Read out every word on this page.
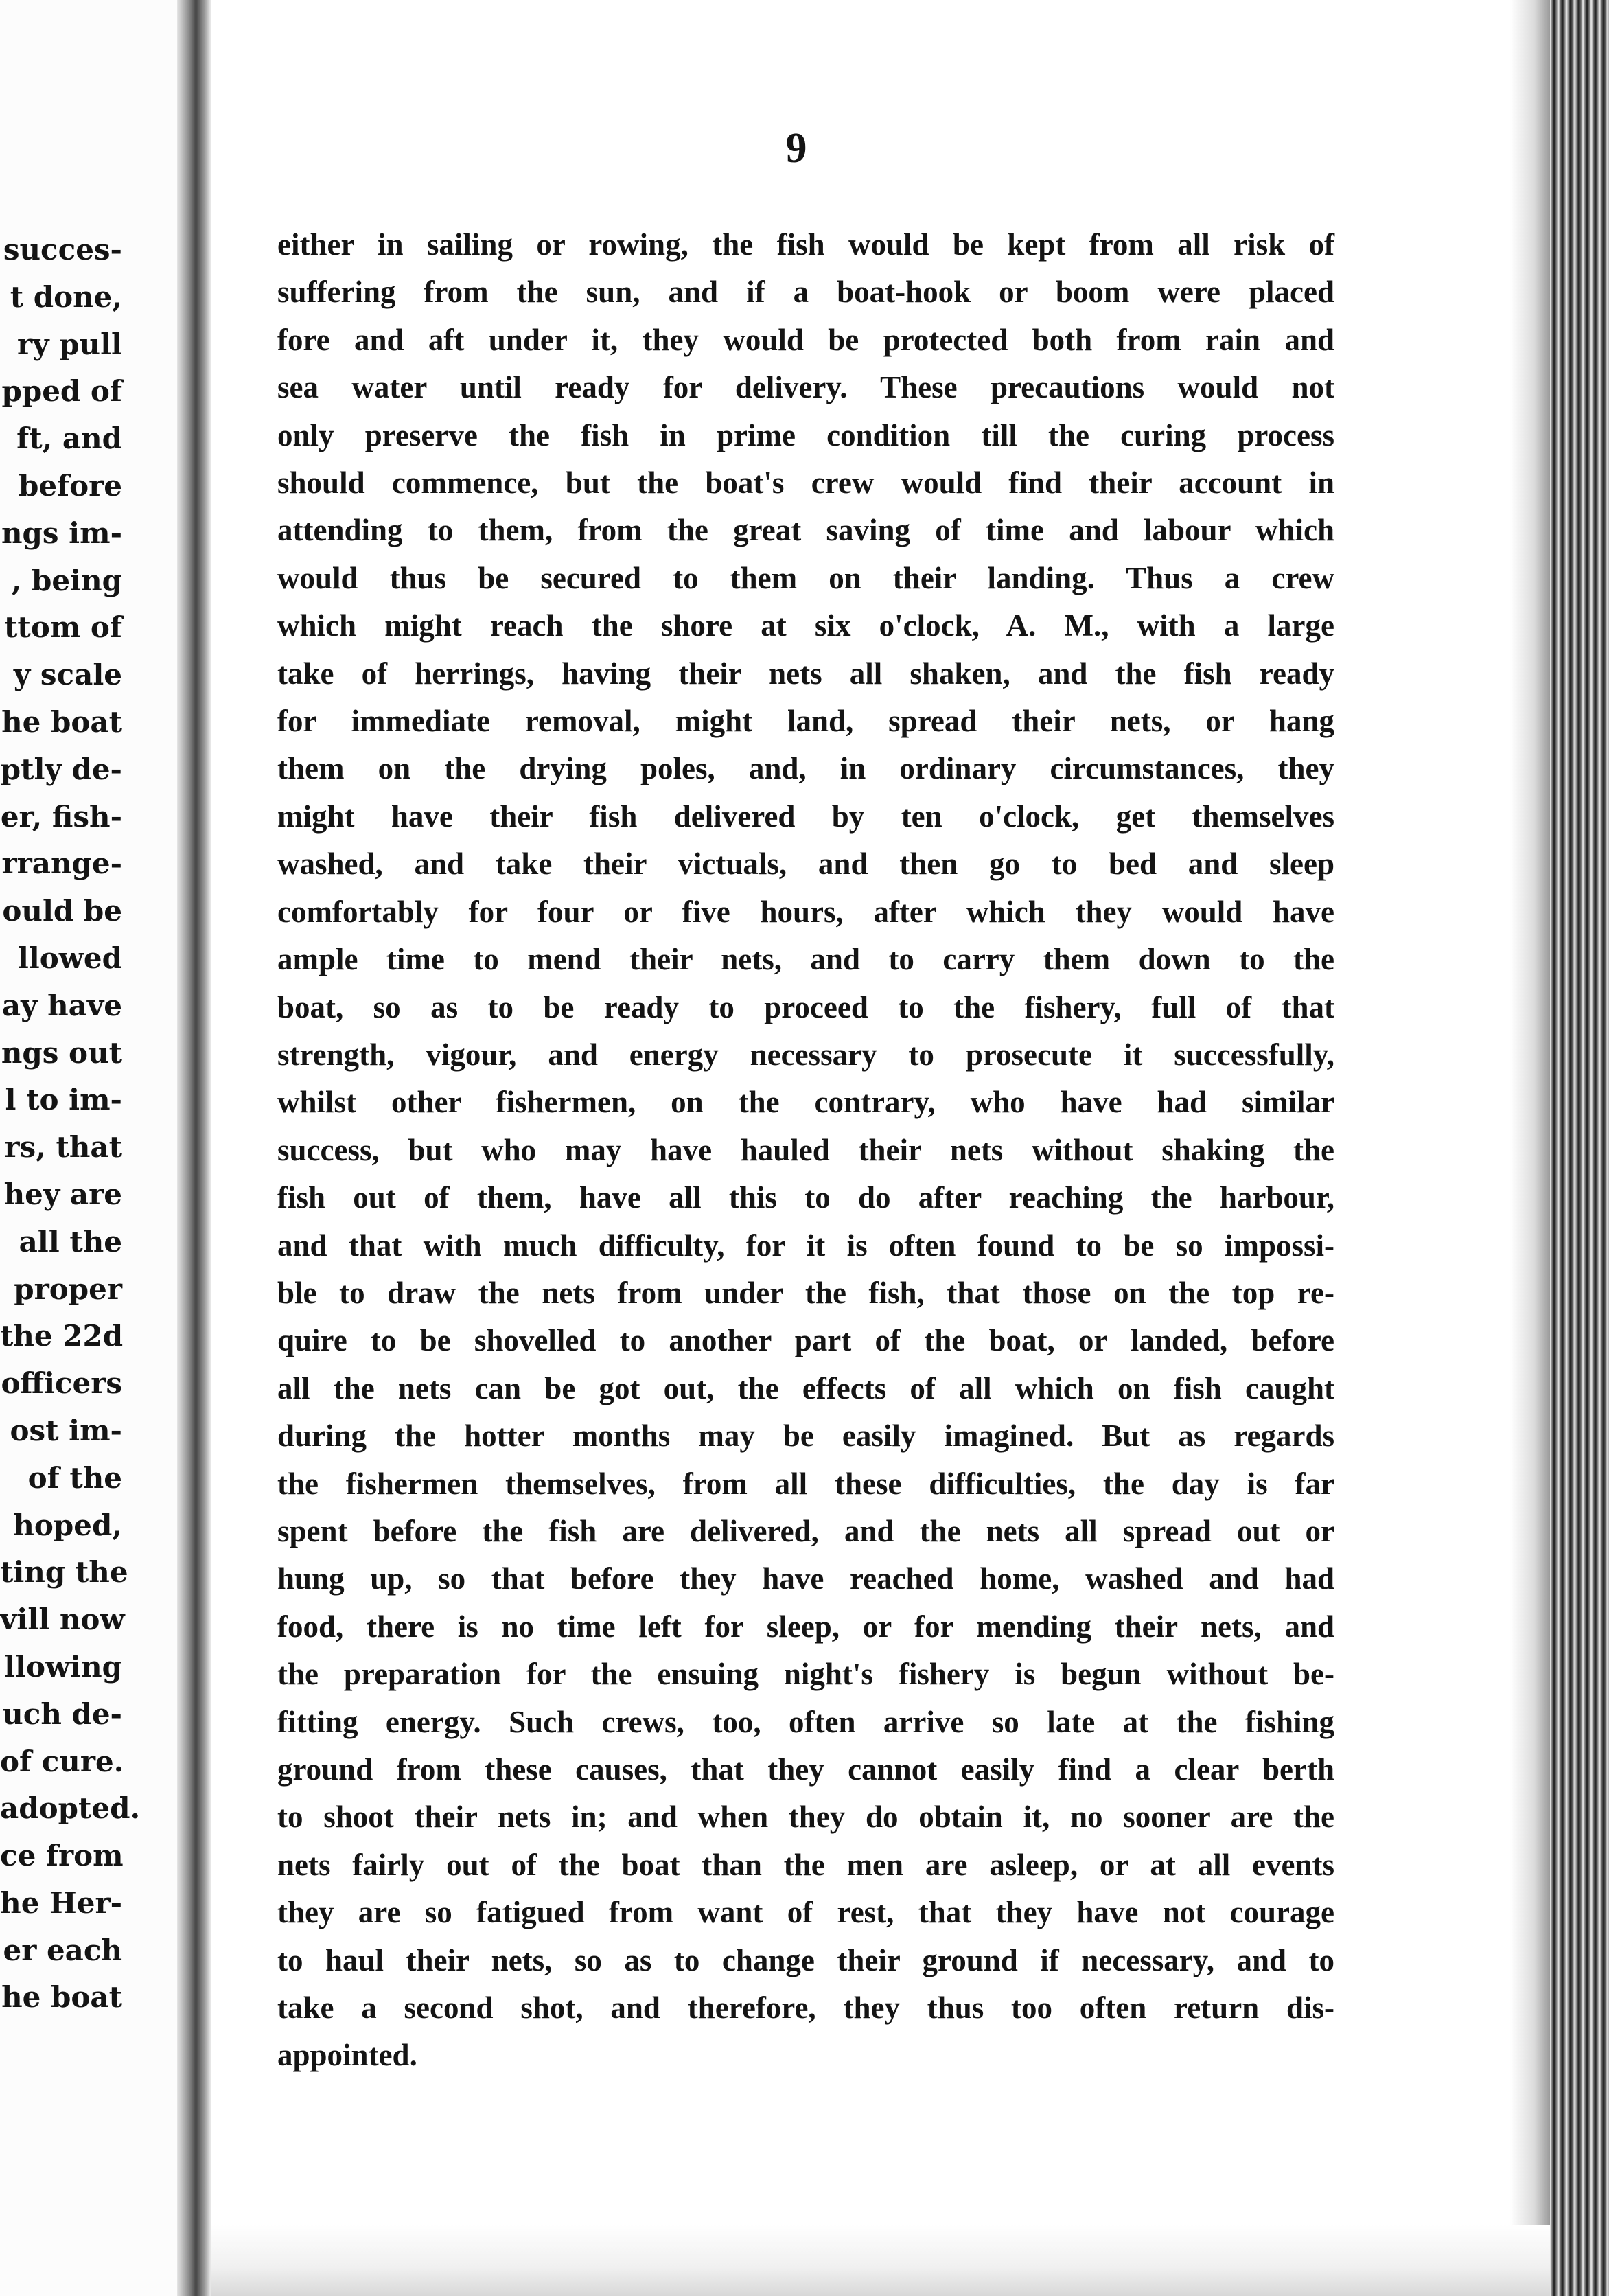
succes-
t done,
ry pull
pped of
ft, and
before
ngs im-
, being
ttom of
y scale
he boat
ptly de-
er, fish-
rrange-
ould be
llowed
ay have
ngs out
l to im-
rs, that
hey are
all the
proper
the 22d
officers
ost im-
of the
hoped,
ting the
vill now
llowing
uch de-
of cure.
adopted.
ce from
he Her-
er each
he boat
9
either in sailing or rowing, the fish would be kept from all risk of
suffering from the sun, and if a boat-hook or boom were placed
fore and aft under it, they would be protected both from rain and
sea water until ready for delivery. These precautions would not
only preserve the fish in prime condition till the curing process
should commence, but the boat's crew would find their account in
attending to them, from the great saving of time and labour which
would thus be secured to them on their landing. Thus a crew
which might reach the shore at six o'clock, A. M., with a large
take of herrings, having their nets all shaken, and the fish ready
for immediate removal, might land, spread their nets, or hang
them on the drying poles, and, in ordinary circumstances, they
might have their fish delivered by ten o'clock, get themselves
washed, and take their victuals, and then go to bed and sleep
comfortably for four or five hours, after which they would have
ample time to mend their nets, and to carry them down to the
boat, so as to be ready to proceed to the fishery, full of that
strength, vigour, and energy necessary to prosecute it successfully,
whilst other fishermen, on the contrary, who have had similar
success, but who may have hauled their nets without shaking the
fish out of them, have all this to do after reaching the harbour,
and that with much difficulty, for it is often found to be so impossi-
ble to draw the nets from under the fish, that those on the top re-
quire to be shovelled to another part of the boat, or landed, before
all the nets can be got out, the effects of all which on fish caught
during the hotter months may be easily imagined. But as regards
the fishermen themselves, from all these difficulties, the day is far
spent before the fish are delivered, and the nets all spread out or
hung up, so that before they have reached home, washed and had
food, there is no time left for sleep, or for mending their nets, and
the preparation for the ensuing night's fishery is begun without be-
fitting energy. Such crews, too, often arrive so late at the fishing
ground from these causes, that they cannot easily find a clear berth
to shoot their nets in; and when they do obtain it, no sooner are the
nets fairly out of the boat than the men are asleep, or at all events
they are so fatigued from want of rest, that they have not courage
to haul their nets, so as to change their ground if necessary, and to
take a second shot, and therefore, they thus too often return dis-
appointed.
